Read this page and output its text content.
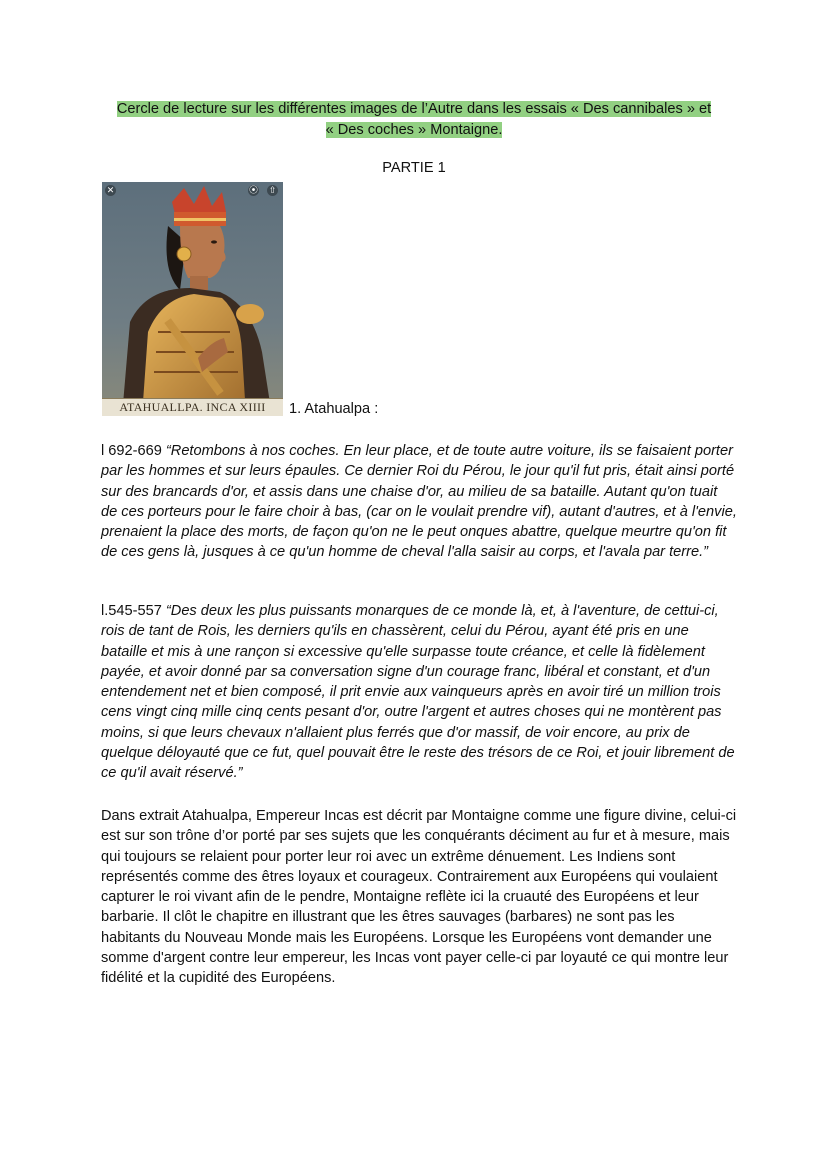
Cercle de lecture sur les différentes images de l’Autre dans les essais « Des cannibales » et
« Des coches » Montaigne.
PARTIE 1
✕	⦿ ⇧
ATAHUALLPA. INCA XIIII	1. Atahualpa :

l 692-669 “Retombons à nos coches. En leur place, et de toute autre voiture, ils se faisaient porter par les hommes et sur leurs épaules. Ce dernier Roi du Pérou, le jour qu'il fut pris, était ainsi porté sur des brancards d'or, et assis dans une chaise d'or, au milieu de sa bataille. Autant qu'on tuait de ces porteurs pour le faire choir à bas, (car on le voulait prendre vif), autant d'autres, et à l'envie, prenaient la place des morts, de façon qu'on ne le peut onques abattre, quelque meurtre qu'on fit de ces gens là, jusques à ce qu'un homme de cheval l'alla saisir au corps, et l'avala par terre.”

l.545-557 “Des deux les plus puissants monarques de ce monde là, et, à l'aventure, de cettui-ci, rois de tant de Rois, les derniers qu'ils en chassèrent, celui du Pérou, ayant été pris en une bataille et mis à une rançon si excessive qu'elle surpasse toute créance, et celle là fidèlement payée, et avoir donné par sa conversation signe d'un courage franc, libéral et constant, et d'un entendement net et bien composé, il prit envie aux vainqueurs après en avoir tiré un million trois cens vingt cinq mille cinq cents pesant d'or, outre l'argent et autres choses qui ne montèrent pas moins, si que leurs chevaux n'allaient plus ferrés que d'or massif, de voir encore, au prix de quelque déloyauté que ce fut, quel pouvait être le reste des trésors de ce Roi, et jouir librement de ce qu'il avait réservé.”

Dans extrait Atahualpa, Empereur Incas est décrit par Montaigne comme une figure divine, celui-ci est sur son trône d’or porté par ses sujets que les conquérants déciment au fur et à mesure, mais qui toujours se relaient pour porter leur roi avec un extrême dénuement. Les Indiens sont représentés comme des êtres loyaux et courageux. Contrairement aux Européens qui voulaient capturer le roi vivant afin de le pendre, Montaigne reflète ici la cruauté des Européens et leur barbarie. Il clôt le chapitre en illustrant que les êtres sauvages (barbares) ne sont pas les habitants du Nouveau Monde mais les Européens. Lorsque les Européens vont demander une somme d'argent contre leur empereur, les Incas vont payer celle-ci par loyauté ce qui montre leur fidélité et la cupidité des Européens.
